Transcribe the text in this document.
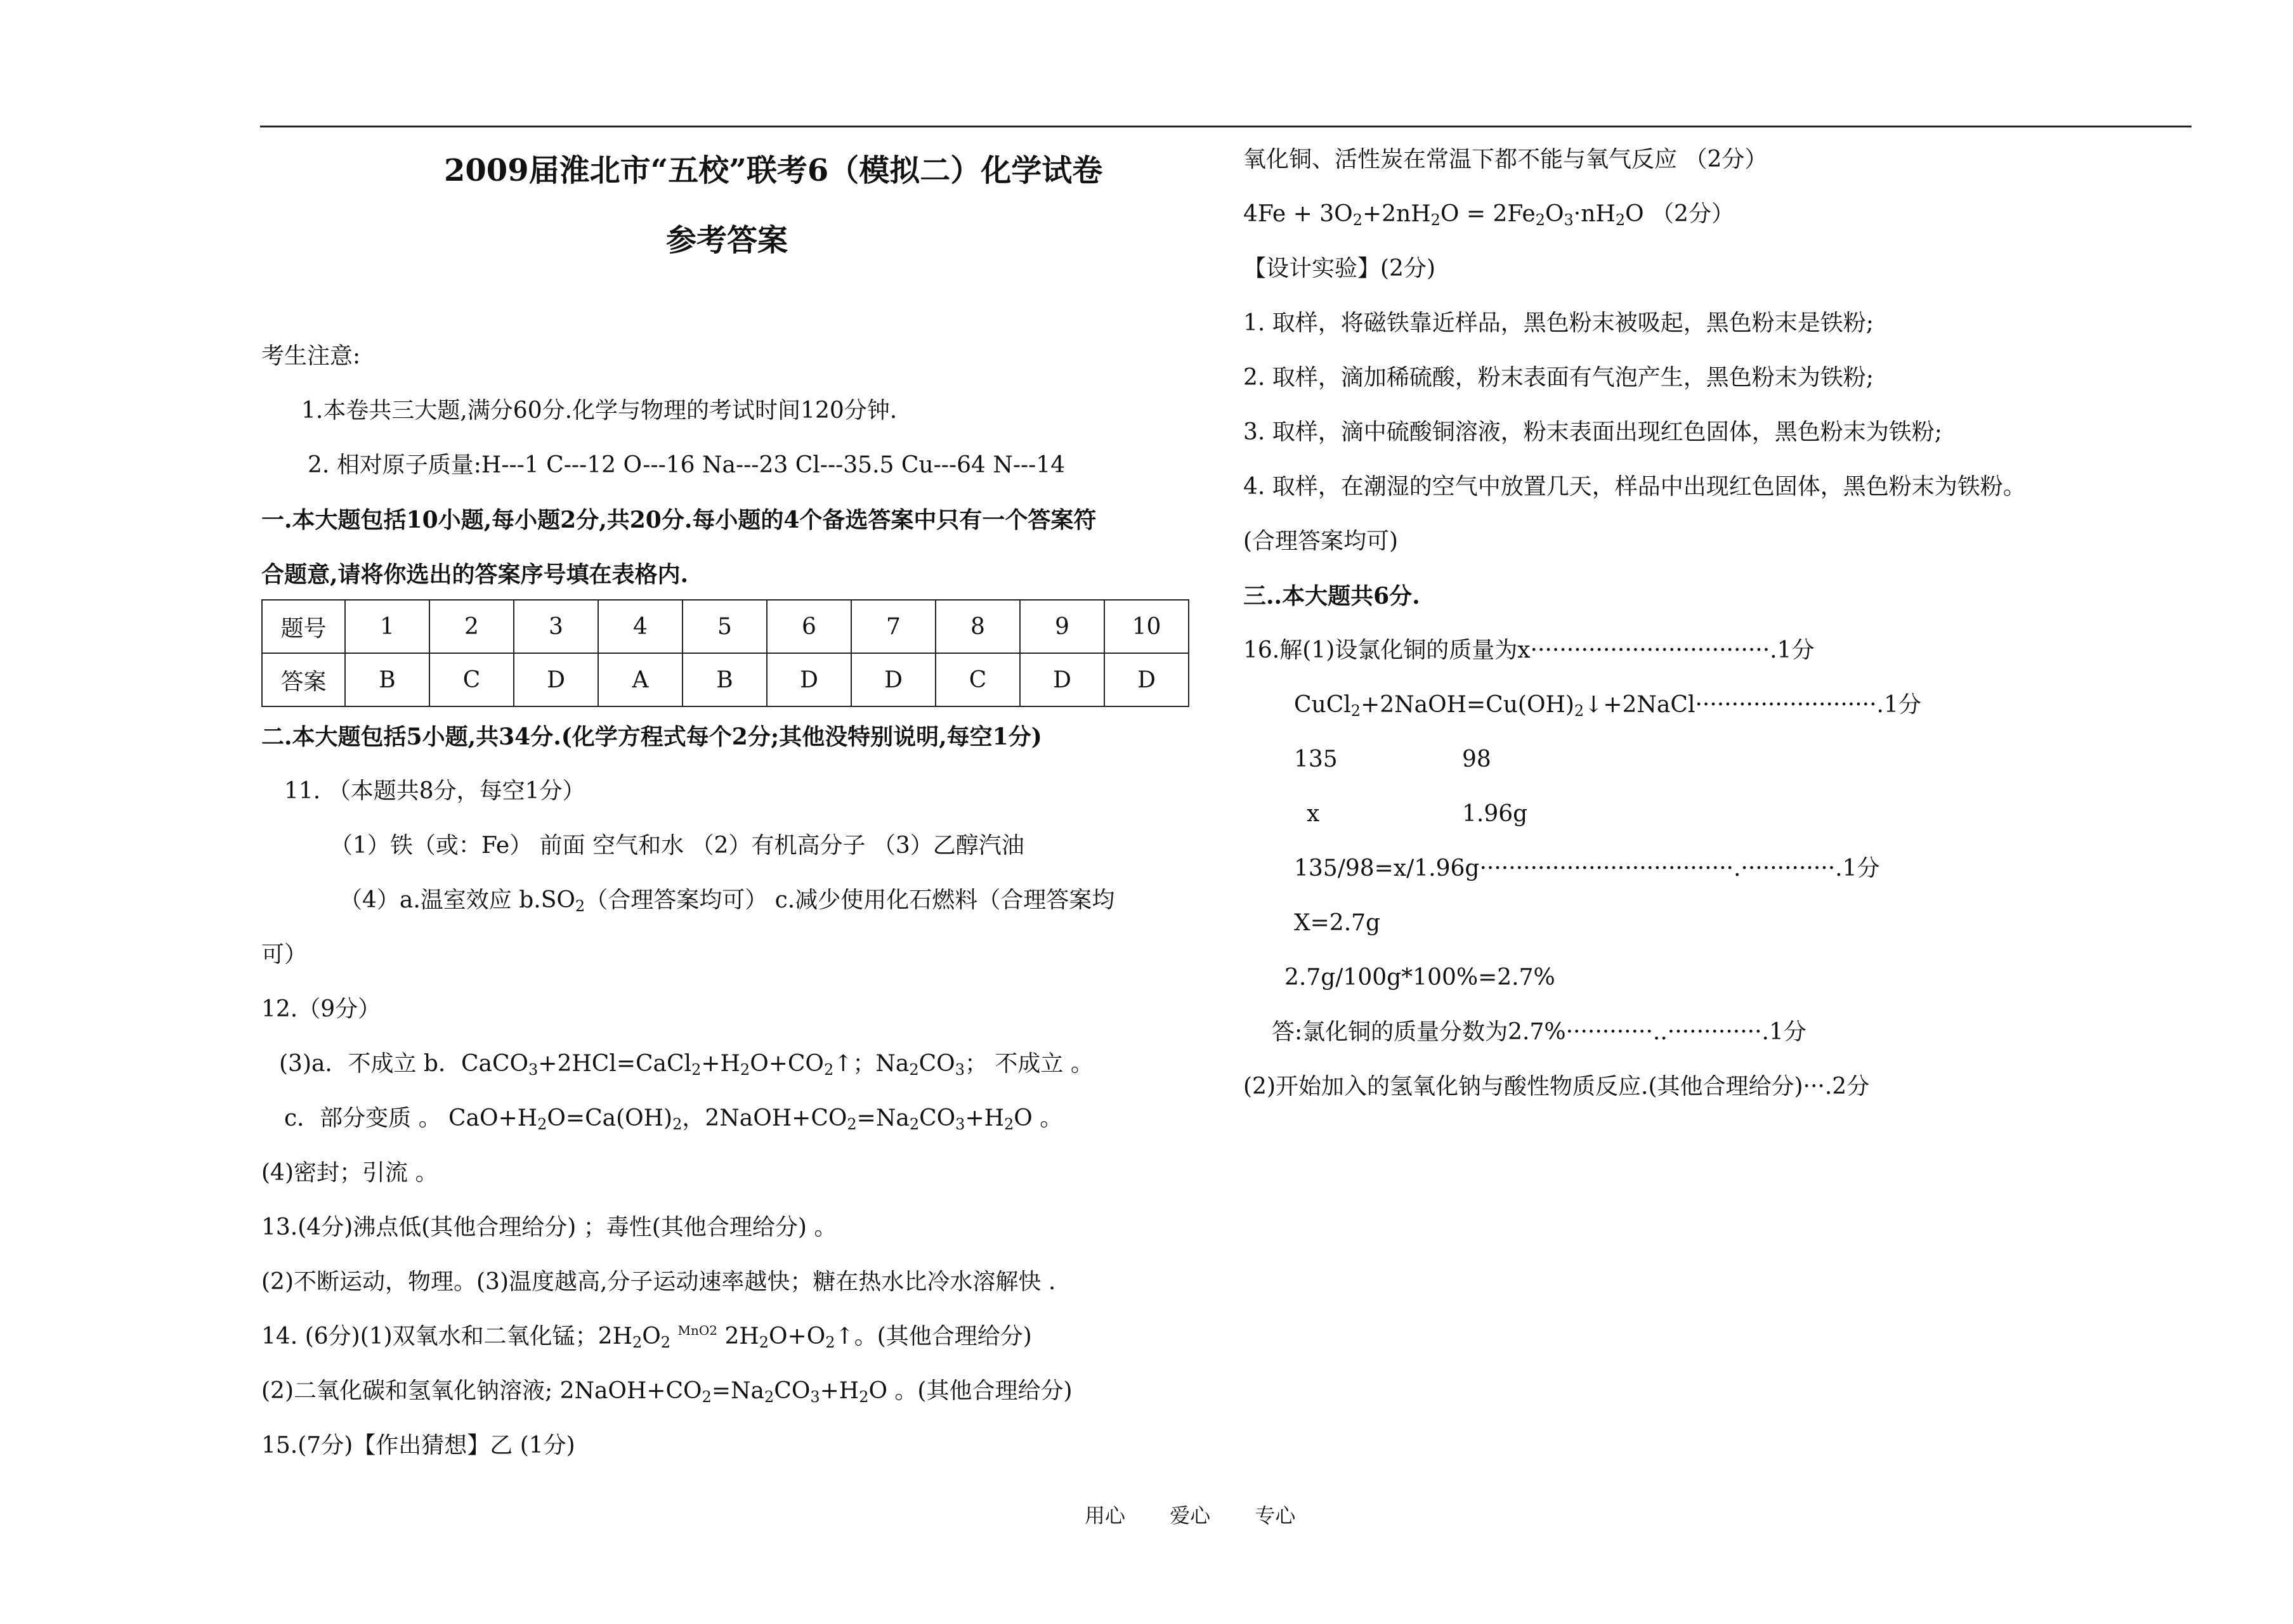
2009届淮北市“五校”联考6（模拟二）化学试卷
参考答案
考生注意:
1.本卷共三大题,满分60分.化学与物理的考试时间120分钟.
2. 相对原子质量:H---1 C---12 O---16 Na---23 Cl---35.5 Cu---64 N---14
一.本大题包括10小题,每小题2分,共20分.每小题的4个备选答案中只有一个答案符
合题意,请将你选出的答案序号填在表格内.
题号	1	2	3	4	5	6	7	8	9	10
答案	B	C	D	A	B	D	D	C	D	D
二.本大题包括5小题,共34分.(化学方程式每个2分;其他没特别说明,每空1分)
11. （本题共8分，每空1分）
（1）铁（或：Fe） 前面 空气和水 （2）有机高分子 （3）乙醇汽油
（4）a.温室效应 $b.SO_2$（合理答案均可） c.减少使用化石燃料（合理答案均
可）
12.（9分）
(3)a．不成立 b．$CaCO_3+2HCl=CaCl_2+H_2O+CO_2↑$；$Na_2CO_3$； 不成立 。
c．部分变质 。 $CaO+H_2O=Ca(OH)_2$，$2NaOH+CO_2=Na_2CO_3+H_2O$ 。
(4)密封；引流 。
13.(4分)沸点低(其他合理给分) ；毒性(其他合理给分) 。
(2)不断运动，物理。(3)温度越高,分子运动速率越快；糖在热水比冷水溶解快 .
14. (6分)(1)双氧水和二氧化锰；$2H_2O_2$ $^{MnO2}$ $2H_2O+O_2↑$。(其他合理给分)
(2)二氧化碳和氢氧化钠溶液; $2NaOH+CO_2=Na_2CO_3+H_2O$ 。(其他合理给分)
15.(7分)【作出猜想】乙 (1分)
氧化铜、活性炭在常温下都不能与氧气反应 （2分）
$4Fe + 3O_2+2nH_2O = 2Fe_2O_3\cdot nH_2O$ （2分）
【设计实验】(2分)
1. 取样，将磁铁靠近样品，黑色粉末被吸起，黑色粉末是铁粉;
2. 取样，滴加稀硫酸，粉末表面有气泡产生，黑色粉末为铁粉;
3. 取样，滴中硫酸铜溶液，粉末表面出现红色固体，黑色粉末为铁粉;
4. 取样，在潮湿的空气中放置几天，样品中出现红色固体，黑色粉末为铁粉。
(合理答案均可)
三..本大题共6分.
16.解(1)设氯化铜的质量为x·································.1分
$CuCl_2+2NaOH=Cu(OH)_2↓+2NaCl\cdot\cdot\cdot\cdot\cdot\cdot\cdot\cdot\cdot\cdot\cdot\cdot\cdot\cdot\cdot\cdot\cdot\cdot\cdot\cdot\cdot\cdot\cdot\cdot\cdot.1$分
135	98
x	1.96g
135/98=x/1.96g···································.·············.1分
X=2.7g
2.7g/100g*100%=2.7%
答:氯化铜的质量分数为2.7%············..·············.1分
(2)开始加入的氢氧化钠与酸性物质反应.(其他合理给分)···.2分
用心 爱心 专心
